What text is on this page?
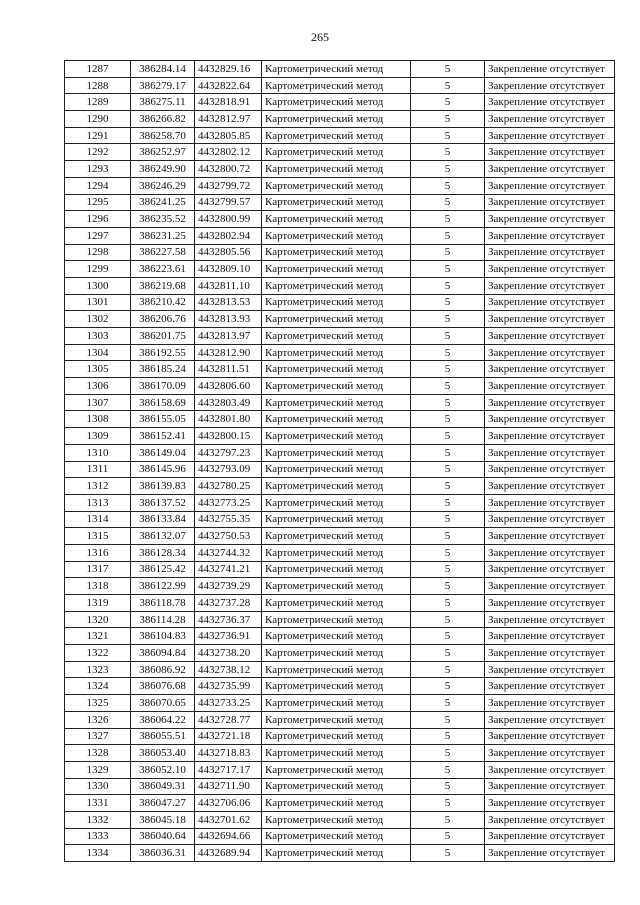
265
1287	386284.14	4432829.16	Картометрический метод	5	Закрепление отсутствует
1288	386279.17	4432822.64	Картометрический метод	5	Закрепление отсутствует
1289	386275.11	4432818.91	Картометрический метод	5	Закрепление отсутствует
1290	386266.82	4432812.97	Картометрический метод	5	Закрепление отсутствует
1291	386258.70	4432805.85	Картометрический метод	5	Закрепление отсутствует
1292	386252.97	4432802.12	Картометрический метод	5	Закрепление отсутствует
1293	386249.90	4432800.72	Картометрический метод	5	Закрепление отсутствует
1294	386246.29	4432799.72	Картометрический метод	5	Закрепление отсутствует
1295	386241.25	4432799.57	Картометрический метод	5	Закрепление отсутствует
1296	386235.52	4432800.99	Картометрический метод	5	Закрепление отсутствует
1297	386231.25	4432802.94	Картометрический метод	5	Закрепление отсутствует
1298	386227.58	4432805.56	Картометрический метод	5	Закрепление отсутствует
1299	386223.61	4432809.10	Картометрический метод	5	Закрепление отсутствует
1300	386219.68	4432811.10	Картометрический метод	5	Закрепление отсутствует
1301	386210.42	4432813.53	Картометрический метод	5	Закрепление отсутствует
1302	386206.76	4432813.93	Картометрический метод	5	Закрепление отсутствует
1303	386201.75	4432813.97	Картометрический метод	5	Закрепление отсутствует
1304	386192.55	4432812.90	Картометрический метод	5	Закрепление отсутствует
1305	386185.24	4432811.51	Картометрический метод	5	Закрепление отсутствует
1306	386170.09	4432806.60	Картометрический метод	5	Закрепление отсутствует
1307	386158.69	4432803.49	Картометрический метод	5	Закрепление отсутствует
1308	386155.05	4432801.80	Картометрический метод	5	Закрепление отсутствует
1309	386152.41	4432800.15	Картометрический метод	5	Закрепление отсутствует
1310	386149.04	4432797.23	Картометрический метод	5	Закрепление отсутствует
1311	386145.96	4432793.09	Картометрический метод	5	Закрепление отсутствует
1312	386139.83	4432780.25	Картометрический метод	5	Закрепление отсутствует
1313	386137.52	4432773.25	Картометрический метод	5	Закрепление отсутствует
1314	386133.84	4432755.35	Картометрический метод	5	Закрепление отсутствует
1315	386132.07	4432750.53	Картометрический метод	5	Закрепление отсутствует
1316	386128.34	4432744.32	Картометрический метод	5	Закрепление отсутствует
1317	386125.42	4432741.21	Картометрический метод	5	Закрепление отсутствует
1318	386122.99	4432739.29	Картометрический метод	5	Закрепление отсутствует
1319	386118.78	4432737.28	Картометрический метод	5	Закрепление отсутствует
1320	386114.28	4432736.37	Картометрический метод	5	Закрепление отсутствует
1321	386104.83	4432736.91	Картометрический метод	5	Закрепление отсутствует
1322	386094.84	4432738.20	Картометрический метод	5	Закрепление отсутствует
1323	386086.92	4432738.12	Картометрический метод	5	Закрепление отсутствует
1324	386076.68	4432735.99	Картометрический метод	5	Закрепление отсутствует
1325	386070.65	4432733.25	Картометрический метод	5	Закрепление отсутствует
1326	386064.22	4432728.77	Картометрический метод	5	Закрепление отсутствует
1327	386055.51	4432721.18	Картометрический метод	5	Закрепление отсутствует
1328	386053.40	4432718.83	Картометрический метод	5	Закрепление отсутствует
1329	386052.10	4432717.17	Картометрический метод	5	Закрепление отсутствует
1330	386049.31	4432711.90	Картометрический метод	5	Закрепление отсутствует
1331	386047.27	4432706.06	Картометрический метод	5	Закрепление отсутствует
1332	386045.18	4432701.62	Картометрический метод	5	Закрепление отсутствует
1333	386040.64	4432694.66	Картометрический метод	5	Закрепление отсутствует
1334	386036.31	4432689.94	Картометрический метод	5	Закрепление отсутствует
